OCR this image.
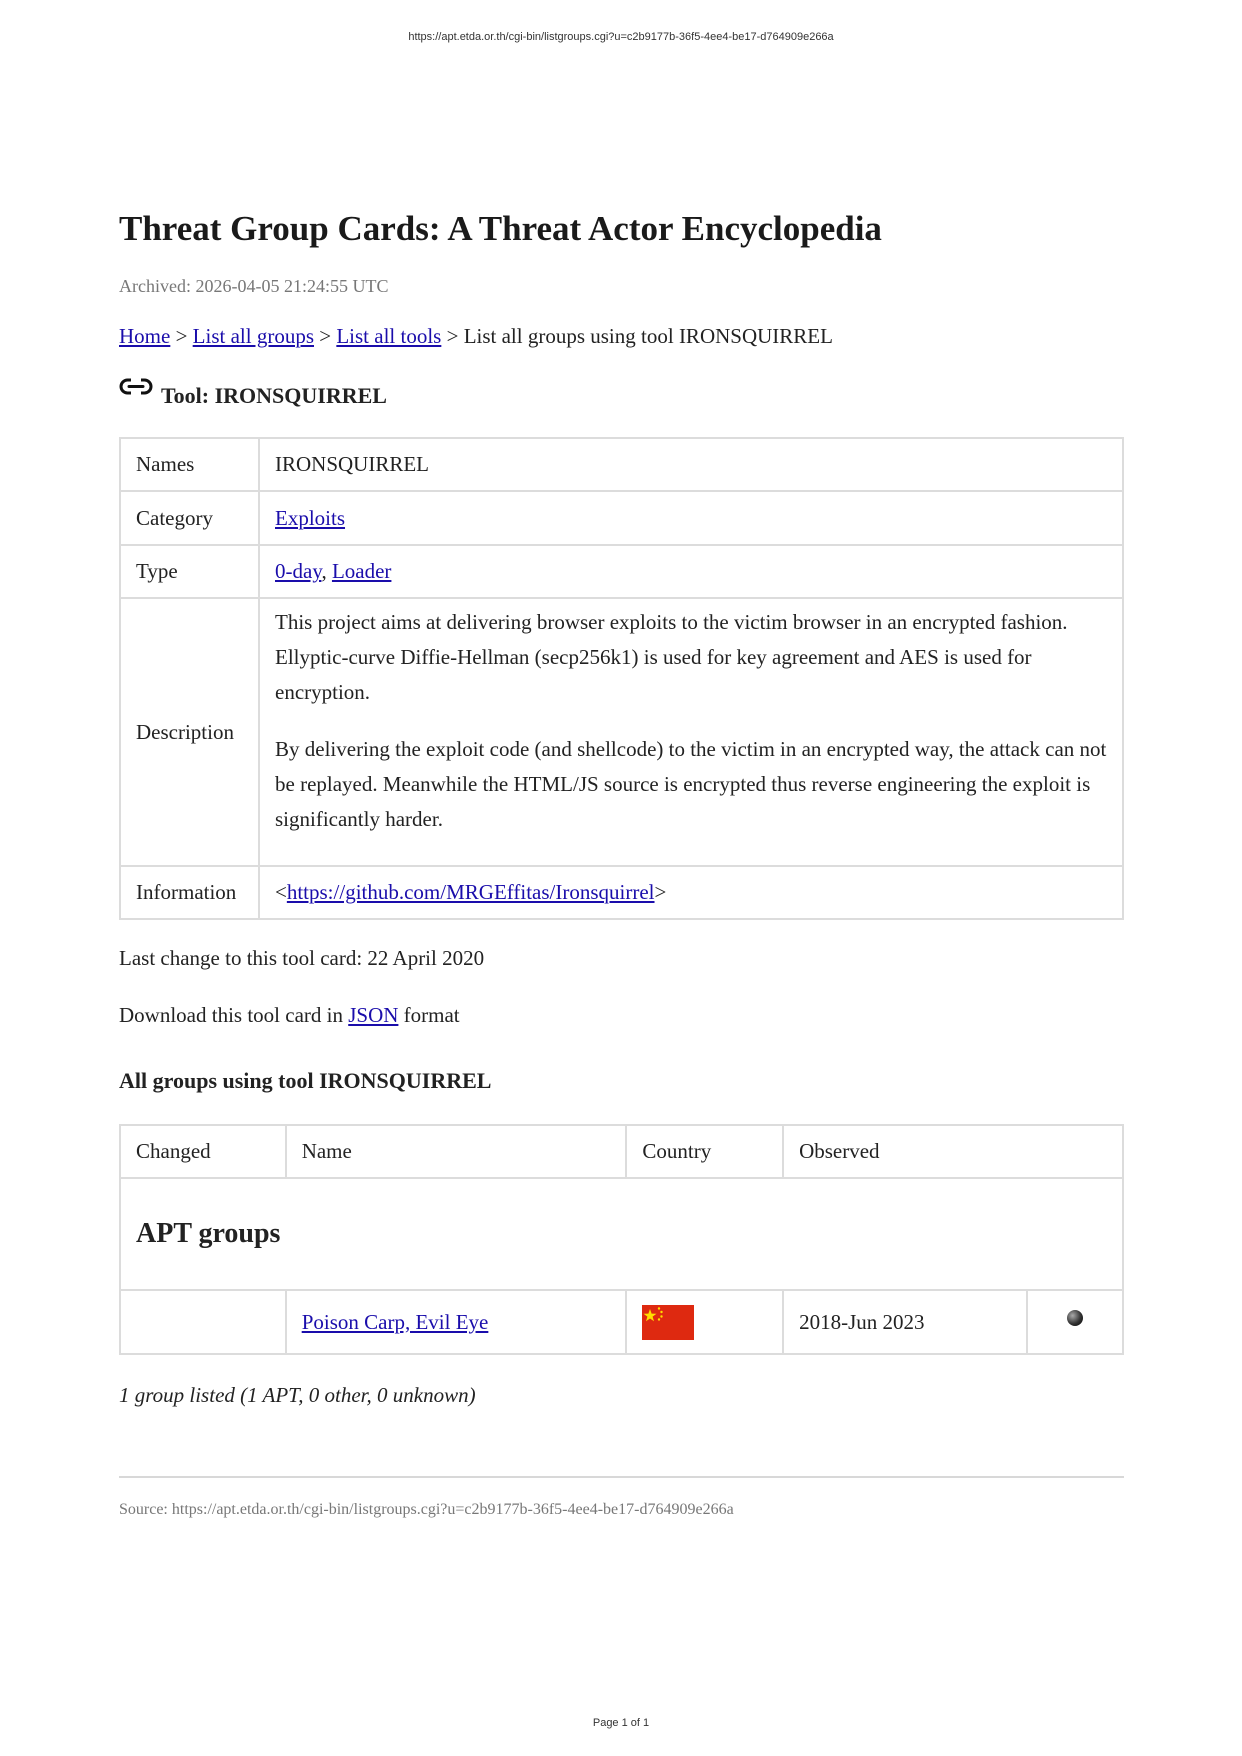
https://apt.etda.or.th/cgi-bin/listgroups.cgi?u=c2b9177b-36f5-4ee4-be17-d764909e266a
Threat Group Cards: A Threat Actor Encyclopedia
Archived: 2026-04-05 21:24:55 UTC
Home > List all groups > List all tools > List all groups using tool IRONSQUIRREL
Tool: IRONSQUIRREL
Names	IRONSQUIRREL
Category	Exploits
Type	0-day, Loader
Description	This project aims at delivering browser exploits to the victim browser in an encrypted fashion. Ellyptic-curve Diffie-Hellman (secp256k1) is used for key agreement and AES is used for encryption.

By delivering the exploit code (and shellcode) to the victim in an encrypted way, the attack can not be replayed. Meanwhile the HTML/JS source is encrypted thus reverse engineering the exploit is significantly harder.

Information	<https://github.com/MRGEffitas/Ironsquirrel>
Last change to this tool card: 22 April 2020
Download this tool card in JSON format
All groups using tool IRONSQUIRREL
Changed	Name	Country	Observed	
APT groups				
	Poison Carp, Evil Eye		2018-Jun 2023	
1 group listed (1 APT, 0 other, 0 unknown)
Source: https://apt.etda.or.th/cgi-bin/listgroups.cgi?u=c2b9177b-36f5-4ee4-be17-d764909e266a
Page 1 of 1
